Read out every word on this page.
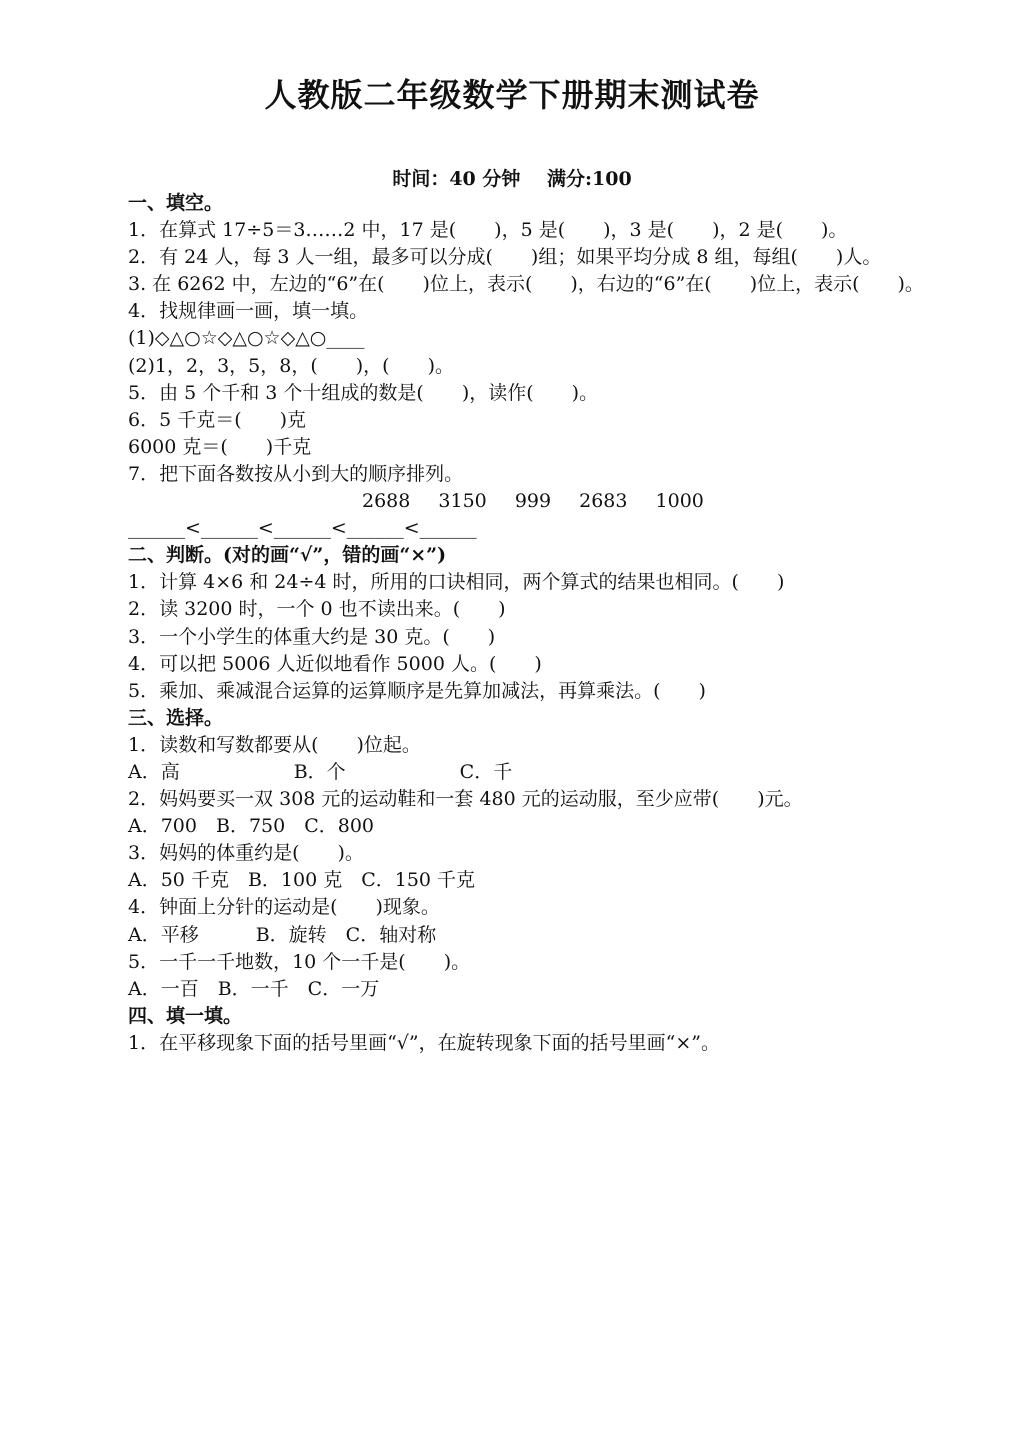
人教版二年级数学下册期末测试卷
时间：40 分钟 满分:100
一、填空。
1．在算式 17÷5＝3……2 中，17 是(　　)，5 是(　　)，3 是(　　)，2 是(　　)。
2．有 24 人，每 3 人一组，最多可以分成(　　)组；如果平均分成 8 组，每组(　　)人。
3. 在 6262 中，左边的“6”在(　　)位上，表示(　　)，右边的“6”在(　　)位上，表示(　　)。
4．找规律画一画，填一填。
(1)◇△○☆◇△○☆◇△○____
(2)1，2，3，5，8，(　　)，(　　)。
5．由 5 个千和 3 个十组成的数是(　　)，读作(　　)。
6．5 千克＝(　　)克
6000 克＝(　　)千克
7．把下面各数按从小到大的顺序排列。
2688 3150 999 2683 1000
______<______<______<______<______
二、判断。(对的画“√”，错的画“×”)
1．计算 4×6 和 24÷4 时，所用的口诀相同，两个算式的结果也相同。(　　)
2．读 3200 时，一个 0 也不读出来。(　　)
3．一个小学生的体重大约是 30 克。(　　)
4．可以把 5006 人近似地看作 5000 人。(　　)
5．乘加、乘减混合运算的运算顺序是先算加减法，再算乘法。(　　)
三、选择。
1．读数和写数都要从(　　)位起。
A．高　　　　　　B．个　　　　　　C．千
2．妈妈要买一双 308 元的运动鞋和一套 480 元的运动服，至少应带(　　)元。
A．700　B．750　C．800
3．妈妈的体重约是(　　)。
A．50 千克　B．100 克　C．150 千克
4．钟面上分针的运动是(　　)现象。
A．平移　　　B．旋转　C．轴对称
5．一千一千地数，10 个一千是(　　)。
A．一百　B．一千　C．一万
四、填一填。
1．在平移现象下面的括号里画“√”，在旋转现象下面的括号里画“×”。
